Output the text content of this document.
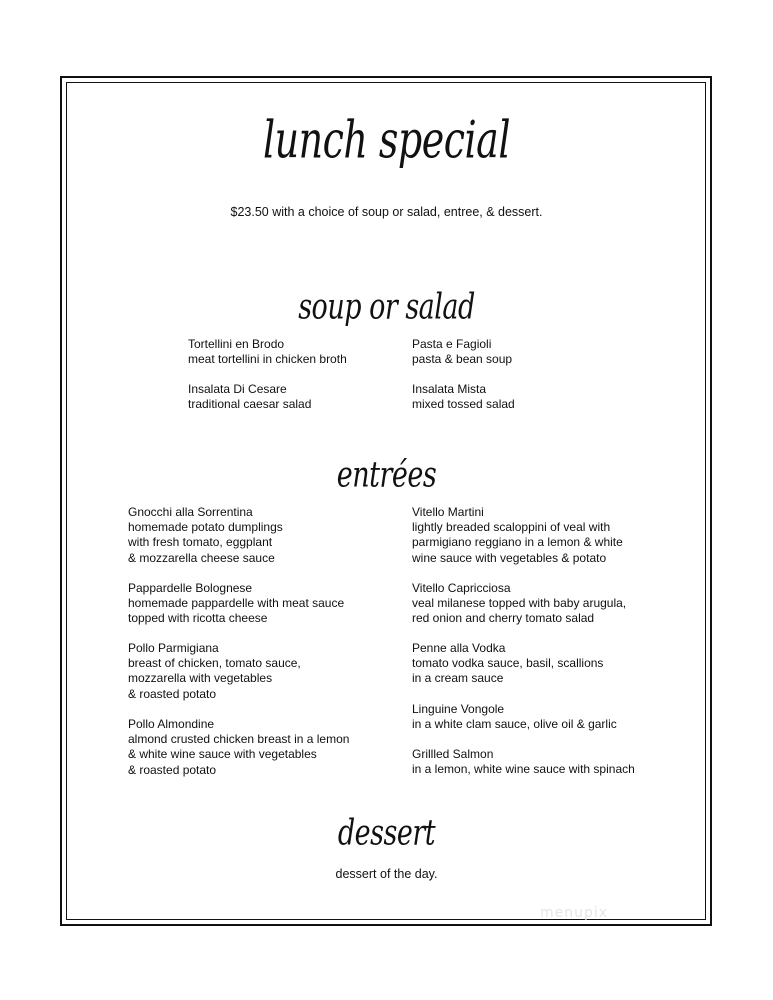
lunch special
$23.50 with a choice of soup or salad, entree, & dessert.
soup or salad
Tortellini en Brodo
meat tortellini in chicken broth
Insalata Di Cesare
traditional caesar salad
Pasta e Fagioli
pasta & bean soup
Insalata Mista
mixed tossed salad
entrées
Gnocchi alla Sorrentina
homemade potato dumplings
with fresh tomato, eggplant
& mozzarella cheese sauce
Pappardelle Bolognese
homemade pappardelle with meat sauce
topped with ricotta cheese
Pollo Parmigiana
breast of chicken, tomato sauce,
mozzarella with vegetables
& roasted potato
Pollo Almondine
almond crusted chicken breast in a lemon
& white wine sauce with vegetables
& roasted potato
Vitello Martini
lightly breaded scaloppini of veal with
parmigiano reggiano in a lemon & white
wine sauce with vegetables & potato
Vitello Capricciosa
veal milanese topped with baby arugula,
red onion and cherry tomato salad
Penne alla Vodka
tomato vodka sauce, basil, scallions
in a cream sauce
Linguine Vongole
in a white clam sauce, olive oil & garlic
Grillled Salmon
in a lemon, white wine sauce with spinach
dessert
dessert of the day.
menupix
